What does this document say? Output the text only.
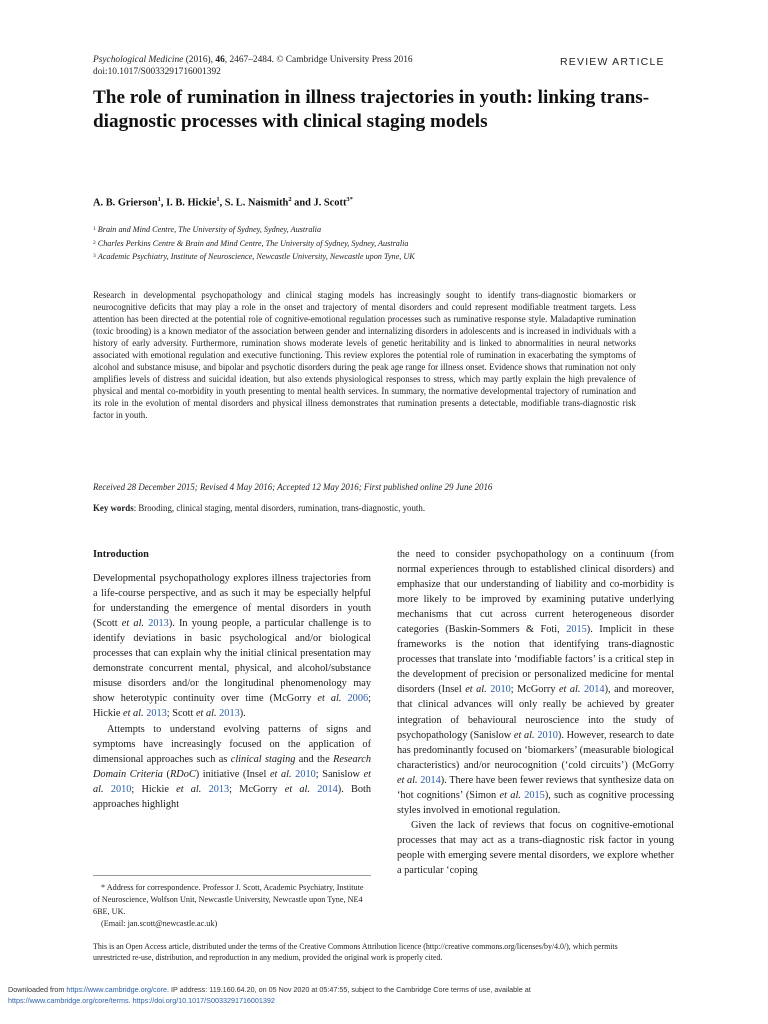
Psychological Medicine (2016), 46, 2467–2484. © Cambridge University Press 2016
doi:10.1017/S0033291716001392
REVIEW ARTICLE
The role of rumination in illness trajectories in youth: linking trans-diagnostic processes with clinical staging models
A. B. Grierson$^1$, I. B. Hickie$^1$, S. L. Naismith$^2$ and J. Scott$^{3*}$
1 Brain and Mind Centre, The University of Sydney, Sydney, Australia
2 Charles Perkins Centre & Brain and Mind Centre, The University of Sydney, Sydney, Australia
3 Academic Psychiatry, Institute of Neuroscience, Newcastle University, Newcastle upon Tyne, UK
Research in developmental psychopathology and clinical staging models has increasingly sought to identify trans-diagnostic biomarkers or neurocognitive deficits that may play a role in the onset and trajectory of mental disorders and could represent modifiable treatment targets. Less attention has been directed at the potential role of cognitive-emotional regulation processes such as ruminative response style. Maladaptive rumination (toxic brooding) is a known mediator of the association between gender and internalizing disorders in adolescents and is increased in individuals with a history of early adversity. Furthermore, rumination shows moderate levels of genetic heritability and is linked to abnormalities in neural networks associated with emotional regulation and executive functioning. This review explores the potential role of rumination in exacerbating the symptoms of alcohol and substance misuse, and bipolar and psychotic disorders during the peak age range for illness onset. Evidence shows that rumination not only amplifies levels of distress and suicidal ideation, but also extends physiological responses to stress, which may partly explain the high prevalence of physical and mental co-morbidity in youth presenting to mental health services. In summary, the normative developmental trajectory of rumination and its role in the evolution of mental disorders and physical illness demonstrates that rumination presents a detectable, modifiable trans-diagnostic risk factor in youth.
Received 28 December 2015; Revised 4 May 2016; Accepted 12 May 2016; First published online 29 June 2016
Key words: Brooding, clinical staging, mental disorders, rumination, trans-diagnostic, youth.
Introduction
Developmental psychopathology explores illness trajectories from a life-course perspective, and as such it may be especially helpful for understanding the emergence of mental disorders in youth (Scott et al. 2013). In young people, a particular challenge is to identify deviations in basic psychological and/or biological processes that can explain why the initial clinical presentation may demonstrate concurrent mental, physical, and alcohol/substance misuse disorders and/or the longitudinal phenomenology may show heterotypic continuity over time (McGorry et al. 2006; Hickie et al. 2013; Scott et al. 2013).
Attempts to understand evolving patterns of signs and symptoms have increasingly focused on the application of dimensional approaches such as clinical staging and the Research Domain Criteria (RDoC) initiative (Insel et al. 2010; Sanislow et al. 2010; Hickie et al. 2013; McGorry et al. 2014). Both approaches highlight
the need to consider psychopathology on a continuum (from normal experiences through to established clinical disorders) and emphasize that our understanding of liability and co-morbidity is more likely to be improved by examining putative underlying mechanisms that cut across current heterogeneous disorder categories (Baskin-Sommers & Foti, 2015). Implicit in these frameworks is the notion that identifying trans-diagnostic processes that translate into ‘modifiable factors’ is a critical step in the development of precision or personalized medicine for mental disorders (Insel et al. 2010; McGorry et al. 2014), and moreover, that clinical advances will only really be achieved by greater integration of behavioural neuroscience into the study of psychopathology (Sanislow et al. 2010). However, research to date has predominantly focused on ‘biomarkers’ (measurable biological characteristics) and/or neurocognition (‘cold circuits’) (McGorry et al. 2014). There have been fewer reviews that synthesize data on ‘hot cognitions’ (Simon et al. 2015), such as cognitive processing styles involved in emotional regulation.
Given the lack of reviews that focus on cognitive-emotional processes that may act as a trans-diagnostic risk factor in young people with emerging severe mental disorders, we explore whether a particular ‘coping
* Address for correspondence. Professor J. Scott, Academic Psychiatry, Institute of Neuroscience, Wolfson Unit, Newcastle University, Newcastle upon Tyne, NE4 6BE, UK.
(Email: jan.scott@newcastle.ac.uk)
This is an Open Access article, distributed under the terms of the Creative Commons Attribution licence (http://creative commons.org/licenses/by/4.0/), which permits unrestricted re-use, distribution, and reproduction in any medium, provided the original work is properly cited.
Downloaded from https://www.cambridge.org/core. IP address: 119.160.64.20, on 05 Nov 2020 at 05:47:55, subject to the Cambridge Core terms of use, available at
https://www.cambridge.org/core/terms. https://doi.org/10.1017/S0033291716001392
